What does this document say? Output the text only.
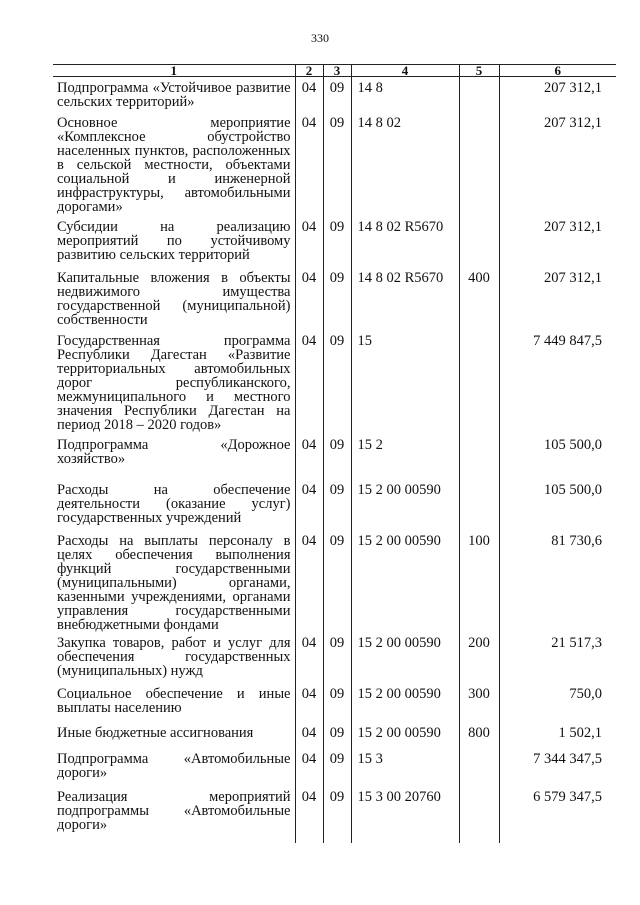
330
1	2	3	4	5	6

Подпрограмма «Устойчивое развитие сельских территорий»	04	09	14 8		207 312,1

Основное мероприятие «Комплексное обустройство населенных пунктов, расположенных в сельской местности, объектами социальной и инженерной инфраструктуры, автомобильными дорогами»	04	09	14 8 02		207 312,1

Субсидии на реализацию мероприятий по устойчивому развитию сельских территорий	04	09	14 8 02 R5670		207 312,1

Капитальные вложения в объекты недвижимого имущества государственной (муниципальной) собственности	04	09	14 8 02 R5670	400	207 312,1

Государственная программа Республики Дагестан «Развитие территориальных автомобильных дорог республиканского, межмуниципального и местного значения Республики Дагестан на период 2018 – 2020 годов»	04	09	15		7 449 847,5

Подпрограмма «Дорожное хозяйство»	04	09	15 2		105 500,0

Расходы на обеспечение деятельности (оказание услуг) государственных учреждений	04	09	15 2 00 00590		105 500,0

Расходы на выплаты персоналу в целях обеспечения выполнения функций государственными (муниципальными) органами, казенными учреждениями, органами управления государственными внебюджетными фондами	04	09	15 2 00 00590	100	81 730,6

Закупка товаров, работ и услуг для обеспечения государственных (муниципальных) нужд	04	09	15 2 00 00590	200	21 517,3

Социальное обеспечение и иные выплаты населению	04	09	15 2 00 00590	300	750,0

Иные бюджетные ассигнования	04	09	15 2 00 00590	800	1 502,1

Подпрограмма «Автомобильные дороги»	04	09	15 3		7 344 347,5

Реализация мероприятий подпрограммы «Автомобильные дороги»	04	09	15 3 00 20760		6 579 347,5
